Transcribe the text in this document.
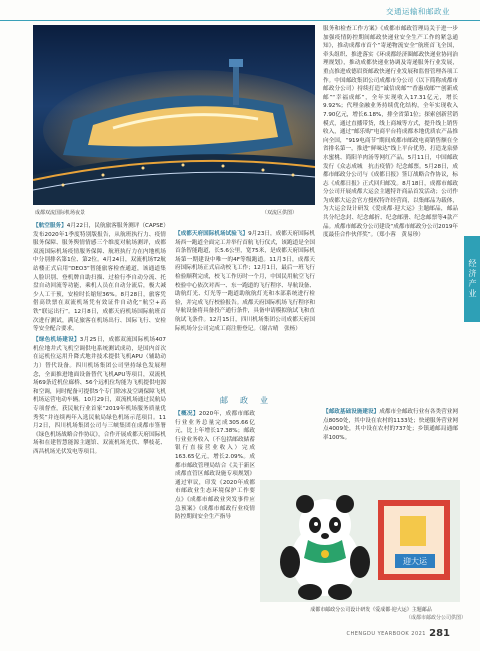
交通运输和邮政业
成都双流国际机场夜景	（双流区供图）

【航空服务】4月22日，民航旅客服务测评（CAPSE）发布2020年1季度特别版报告，从航班执行力、疫情服务保障、服务舆情情感三个维度对航场测评，成都双流国际机场疫情服务保障、航班执行力在内地机场中分别排名第1位、第2位。4月24日，双流机场T2航站楼正式启用“DEO3”智能旅客检查通道，该通道集人脸识别、登机牌自助扫描、过检行李自动分流、托盘自动回流等功能，乘机人员在自动分流后，极大减少人工干预，安检时长缩短36%。8月28日，旅客凭借高铁票在双流机场凭有效证件自动化“航空+高铁”联运出行”。12月8日，成都天府机场国际航班首次进行测试，满足旅客在机场出行、国际飞行、安检等安全配合要求。

【绿色机场建设】3月25日，成都双流国际机场407机位地井式飞机空调供电系统测试成功，是国内首次在运机位运用升降式地井技术提供飞机APU（辅助动力）替代设备。四川机场集团公司坚持绿色发展理念，全面推进地面设备替代飞机APU等项目，双流机场69条近机位廊桥、56个远机位均能为飞机提供电源和空调，同时配备可提供5个专门除冰及空调保障飞机机场运营电动车辆。10月29日，双流机场通过民航局专项督查，获民航行业首家“2019年机场服务质量优秀奖”并连续两年入选民航局绿色机场示范项目。11月2日，四川机场集团公司与三峡集团在成都市签署《绿色机场战略合作协议》，合作开展成都天府国际机场和在建智慧能源主题馆、双流机场光伏、攀枝花、西昌机场光伏发电等项目。

【成都天府国际机场试验飞】9月23日，成都天府国际机场西一跑道全面完工并举行首航飞行仪式，该跑道是全国首条智能跑道，长5.6公里，宽75米，是成都天府国际机场第一期建设中唯一的4F等级跑道。11月3日，成都天府国际机场正式启动校飞工作；12月1日，最后一班飞行检验顺利完成，校飞工作历时一个月，中国民用航空飞行校验中心依次对西一、东一跑道的飞行程序、导航设备、助航灯光、灯光等一跑道助航航灯光和本部系统进行检验，并完成飞行校验报告。成都天府国际机场飞行程序和导航设备将具备投产通行条件，具备申请模拟航试飞和直航试飞条件。12月15日，四川机场集团公司成都天府国际机场分公司完成工商注册登记。（谢古晴　张杨）

邮　政　业

【概况】2020年，成都市邮政行业业务总量完成305.66亿元，比上年增长17.38%；邮政行业业务收入（不包括邮政储蓄银行直接营业收入）完成163.65亿元，增长2.09%。成都市邮政管理局结合《关于新区成都直管区邮政设施专项规划》通过审议，印发《2020年成都市邮政业生态环境保护工作要点》《成都市邮政业突发事件应急预案》《成都市邮政行业疫情防控期间安全生产指导

服务和检查工作方案》《成都市邮政管理局关于进一步加强疫情防控期间邮政快递业安全生产工作的紧急通知》，推动成都市首个“寄递物流安全”航班首飞全国，牵头组织、推进落实《环成都经济圈邮政快递业协同治理规划》，推动成都快递业协调及寄递服务行业发展，重点推进成德眉资邮政快递行业发展和监督管理各项工作。中国邮政集团公司成都市分公司（以下简称成都市邮政分公司）持续打造“诚信成邮”“香惠成邮”“创新成邮”“幸福成邮”，全年实现收入17.31亿元，增长9.92%；代理金融业务持续优化结构，全年实现收入7.90亿元，增长6.18%，排全省第1位；探索创新营销模式，通过直播带货，线上商城等方式，提升线上销售收入，通过“邮乐购”电商平台将成都本地优质农产品推向全国，“919电商节”期间成都市邮政电商销售额在全省排名第一，推进“鲜味达”线上平台优势，打造龙泉驿水蜜桃、简阳羊肉汤等网红产品。5月11日，中国邮政发行《众志成城　抗击疫情》纪念邮票。5月28日，成都市邮政分公司与《成都日报》签订战略合作协议，标志《成都日报》正式回归邮发。8月18日，成都市邮政分公司开展成都大运会主题特许商品首发活动；公司作为成都大运会官方授权特许经营商，以集邮品为载体，为大运会设计研发《爱成都·迎大运》主题邮品，邮品共分纪念封、纪念邮折、纪念邮册、纪念邮票等4款产品。成都市邮政分公司建设“成都市邮政分公司2019年度最佳合作伙伴奖”。（郑小蓉　黄易珍）

【邮政基础设施建设】成都市全邮政行业有各类营业网点8050处，其中设在农村的1133处；快递服务营业网点4009处，其中设在农村的737处；乡镇通邮局通邮率100%。

迎大运
成都市邮政分公司设计研发《爱成都·迎大运》主题邮品
（成都市邮政分公司供图）
经济产业
CHENGDU YEARBOOK 2021 281
